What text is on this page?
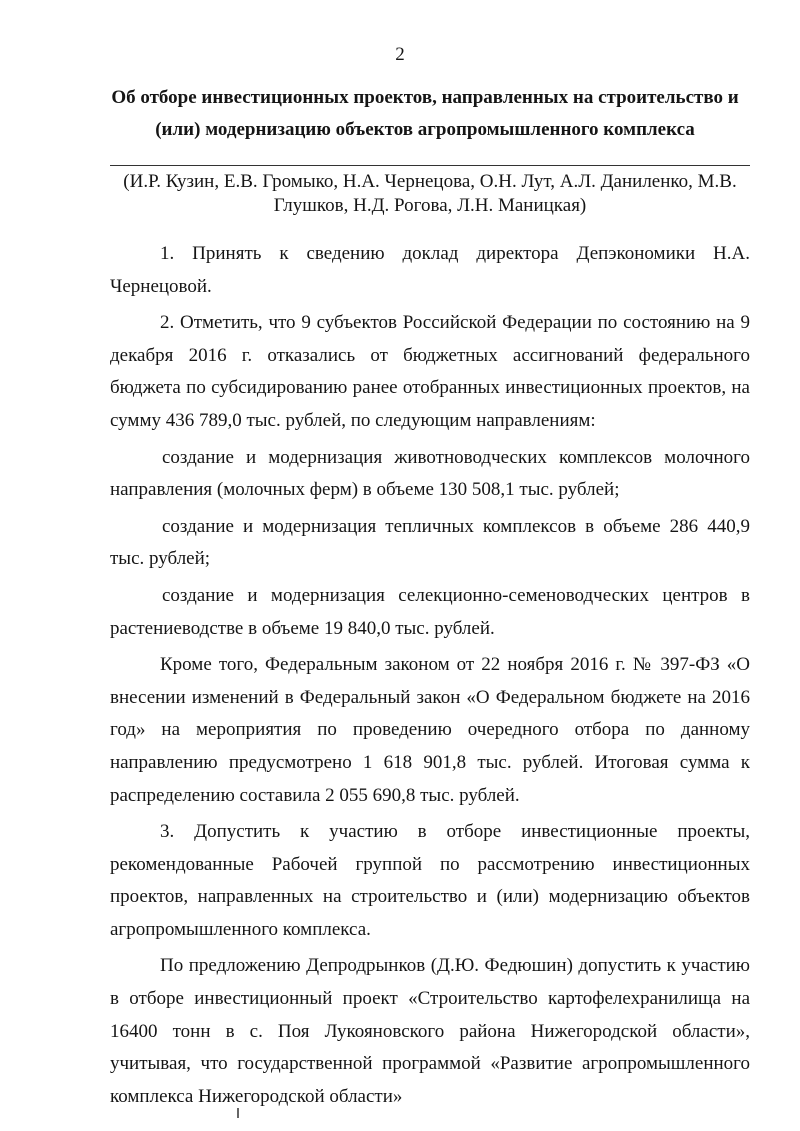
2
Об отборе инвестиционных проектов, направленных на строительство и (или) модернизацию объектов агропромышленного комплекса
(И.Р. Кузин, Е.В. Громыко, Н.А. Чернецова, О.Н. Лут, А.Л. Даниленко, М.В. Глушков, Н.Д. Рогова, Л.Н. Маницкая)

1. Принять к сведению доклад директора Депэкономики Н.А. Чернецовой.

2. Отметить, что 9 субъектов Российской Федерации по состоянию на 9 декабря 2016 г. отказались от бюджетных ассигнований федерального бюджета по субсидированию ранее отобранных инвестиционных проектов, на сумму 436 789,0 тыс. рублей, по следующим направлениям:

создание и модернизация животноводческих комплексов молочного направления (молочных ферм) в объеме 130 508,1 тыс. рублей;

создание и модернизация тепличных комплексов в объеме 286 440,9 тыс. рублей;

создание и модернизация селекционно-семеноводческих центров в растениеводстве в объеме 19 840,0 тыс. рублей.

Кроме того, Федеральным законом от 22 ноября 2016 г. № 397-ФЗ «О внесении изменений в Федеральный закон «О Федеральном бюджете на 2016 год» на мероприятия по проведению очередного отбора по данному направлению предусмотрено 1 618 901,8 тыс. рублей. Итоговая сумма к распределению составила 2 055 690,8 тыс. рублей.

3. Допустить к участию в отборе инвестиционные проекты, рекомендованные Рабочей группой по рассмотрению инвестиционных проектов, направленных на строительство и (или) модернизацию объектов агропромышленного комплекса.

По предложению Депродрынков (Д.Ю. Федюшин) допустить к участию в отборе инвестиционный проект «Строительство картофелехранилища на 16400 тонн в с. Поя Лукояновского района Нижегородской области», учитывая, что государственной программой «Развитие агропромышленного комплекса Нижегородской области»
